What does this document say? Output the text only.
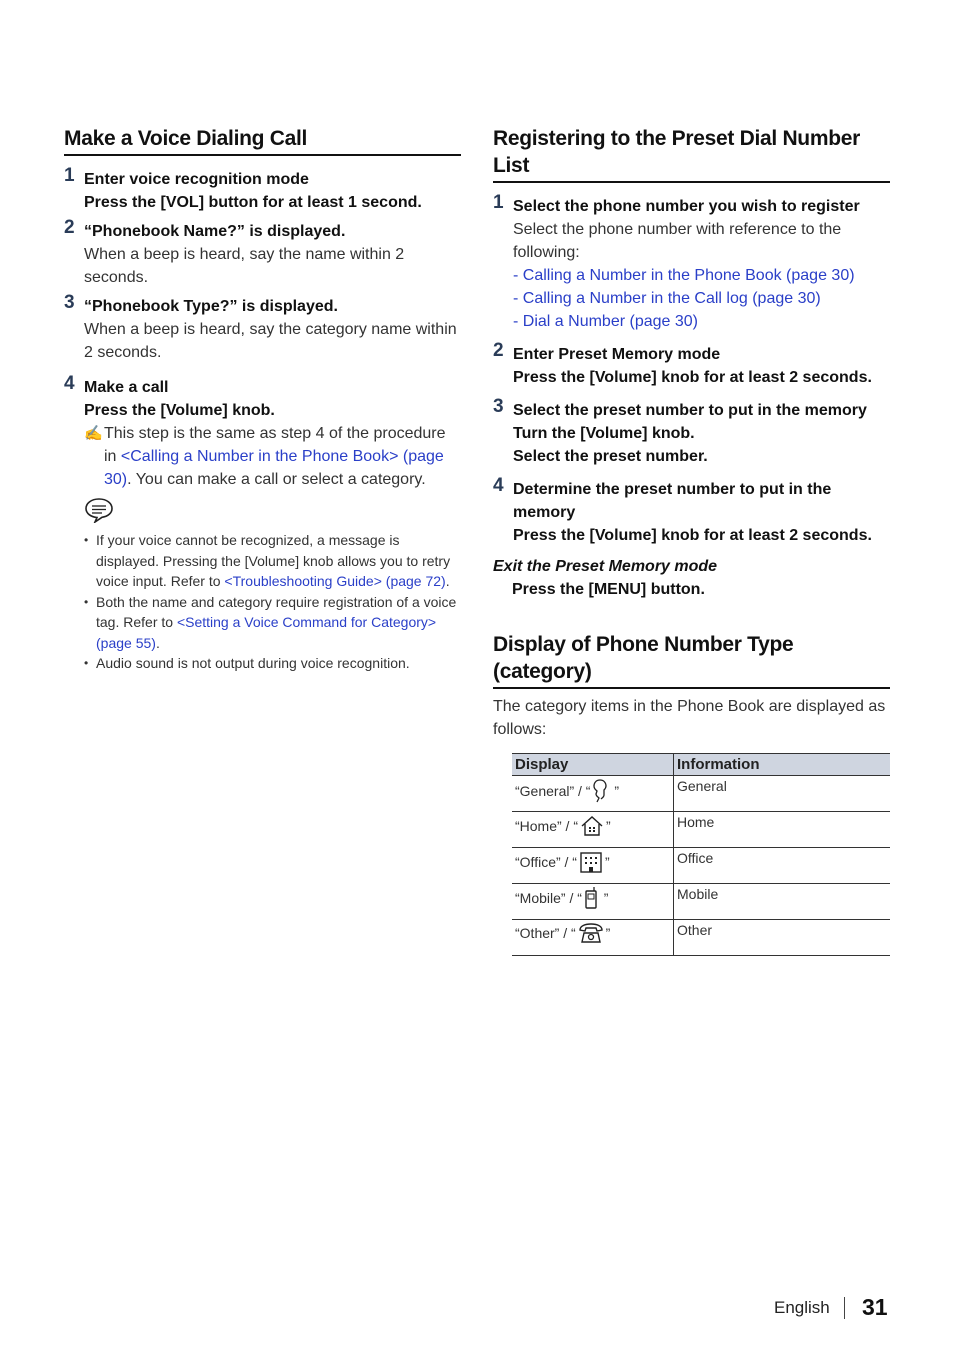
Make a Voice Dialing Call
1 Enter voice recognition mode
Press the [VOL] button for at least 1 second.
2 “Phonebook Name?” is displayed.
When a beep is heard, say the name within 2 seconds.
3 “Phonebook Type?” is displayed.
When a beep is heard, say the category name within 2 seconds.
4 Make a call
Press the [Volume] knob.
✍ This step is the same as step 4 of the procedure in <Calling a Number in the Phone Book> (page 30). You can make a call or select a category.
• If your voice cannot be recognized, a message is displayed. Pressing the [Volume] knob allows you to retry voice input. Refer to <Troubleshooting Guide> (page 72).
• Both the name and category require registration of a voice tag. Refer to <Setting a Voice Command for Category> (page 55).
• Audio sound is not output during voice recognition.
Registering to the Preset Dial Number List
1 Select the phone number you wish to register
Select the phone number with reference to the following:
- Calling a Number in the Phone Book (page 30)
- Calling a Number in the Call log (page 30)
- Dial a Number (page 30)
2 Enter Preset Memory mode
Press the [Volume] knob for at least 2 seconds.
3 Select the preset number to put in the memory
Turn the [Volume] knob.
Select the preset number.
4 Determine the preset number to put in the memory
Press the [Volume] knob for at least 2 seconds.
Exit the Preset Memory mode
Press the [MENU] button.
Display of Phone Number Type (category)
The category items in the Phone Book are displayed as follows:
Display	Information
“General” / “ ”	General
“Home” / “ ”	Home
“Office” / “ ”	Office
“Mobile” / “ ”	Mobile
“Other” / “ ”	Other
English 31
